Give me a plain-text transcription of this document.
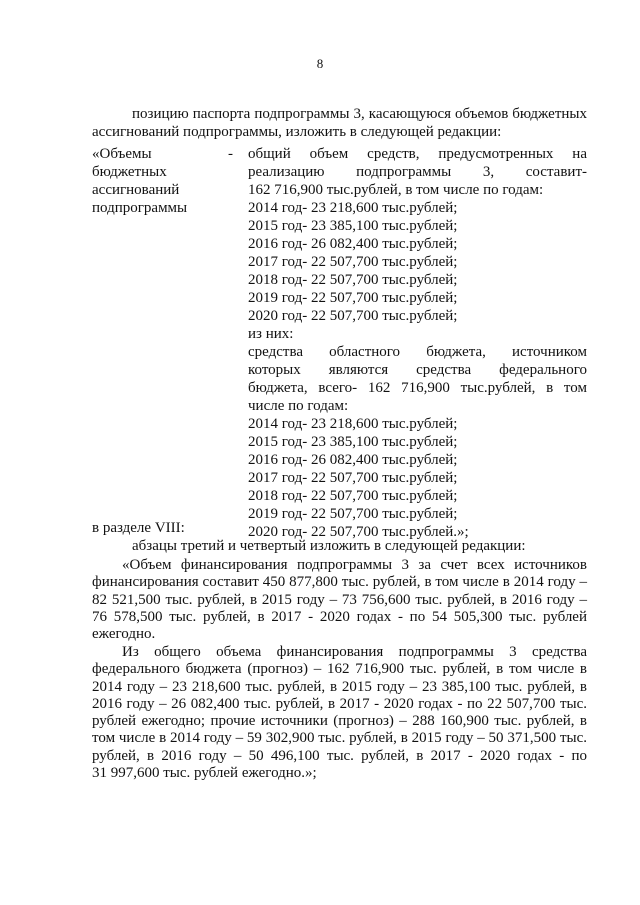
8
позицию паспорта подпрограммы 3, касающуюся объемов бюджетных
ассигнований подпрограммы, изложить в следующей редакции:
«Объемы
бюджетных
ассигнований
подпрограммы
- общий объем средств, предусмотренных на
реализацию подпрограммы 3, составит-
162 716,900 тыс.рублей, в том числе по годам:
2014 год- 23 218,600 тыс.рублей;
2015 год- 23 385,100 тыс.рублей;
2016 год- 26 082,400 тыс.рублей;
2017 год- 22 507,700 тыс.рублей;
2018 год- 22 507,700 тыс.рублей;
2019 год- 22 507,700 тыс.рублей;
2020 год- 22 507,700 тыс.рублей;
из них:
средства областного бюджета, источником
которых являются средства федерального
бюджета, всего- 162 716,900 тыс.рублей, в том
числе по годам:
2014 год- 23 218,600 тыс.рублей;
2015 год- 23 385,100 тыс.рублей;
2016 год- 26 082,400 тыс.рублей;
2017 год- 22 507,700 тыс.рублей;
2018 год- 22 507,700 тыс.рублей;
2019 год- 22 507,700 тыс.рублей;
2020 год- 22 507,700 тыс.рублей.»;
в разделе VIII:
абзацы третий и четвертый изложить в следующей редакции:
«Объем финансирования подпрограммы 3 за счет всех источников
финансирования составит 450 877,800 тыс. рублей, в том числе в 2014 году –
82 521,500 тыс. рублей, в 2015 году – 73 756,600 тыс. рублей, в 2016 году –
76 578,500 тыс. рублей, в 2017 - 2020 годах - по 54 505,300 тыс. рублей
ежегодно.
Из общего объема финансирования подпрограммы 3 средства
федерального бюджета (прогноз) – 162 716,900 тыс. рублей, в том числе в
2014 году – 23 218,600 тыс. рублей, в 2015 году – 23 385,100 тыс. рублей, в
2016 году – 26 082,400 тыс. рублей, в 2017 - 2020 годах - по 22 507,700 тыс.
рублей ежегодно; прочие источники (прогноз) – 288 160,900 тыс. рублей, в
том числе в 2014 году – 59 302,900 тыс. рублей, в 2015 году – 50 371,500 тыс.
рублей, в 2016 году – 50 496,100 тыс. рублей, в 2017 - 2020 годах - по
31 997,600 тыс. рублей ежегодно.»;
